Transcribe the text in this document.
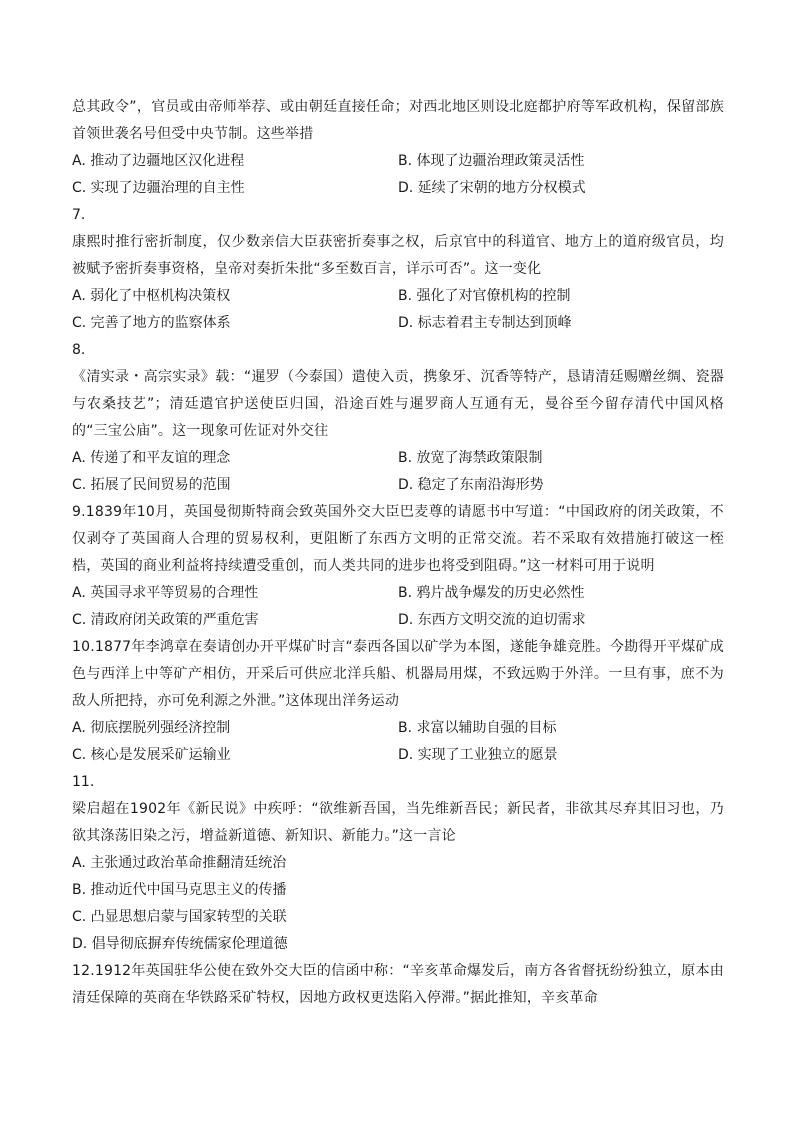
总其政令”，官员或由帝师举荐、或由朝廷直接任命；对西北地区则设北庭都护府等军政机构，保留部族首领世袭名号但受中央节制。这些举措

A. 推动了边疆地区汉化进程	B. 体现了边疆治理政策灵活性
C. 实现了边疆治理的自主性	D. 延续了宋朝的地方分权模式

7.

康熙时推行密折制度，仅少数亲信大臣获密折奏事之权，后京官中的科道官、地方上的道府级官员，均被赋予密折奏事资格，皇帝对奏折朱批“多至数百言，详示可否”。这一变化

A. 弱化了中枢机构决策权	B. 强化了对官僚机构的控制
C. 完善了地方的监察体系	D. 标志着君主专制达到顶峰

8.

《清实录・高宗实录》载：“暹罗（今泰国）遣使入贡，携象牙、沉香等特产，恳请清廷赐赠丝绸、瓷器与农桑技艺”；清廷遣官护送使臣归国，沿途百姓与暹罗商人互通有无，曼谷至今留存清代中国风格的“三宝公庙”。这一现象可佐证对外交往

A. 传递了和平友谊的理念	B. 放宽了海禁政策限制
C. 拓展了民间贸易的范围	D. 稳定了东南沿海形势

9.1839年10月，英国曼彻斯特商会致英国外交大臣巴麦尊的请愿书中写道：“中国政府的闭关政策，不仅剥夺了英国商人合理的贸易权利，更阻断了东西方文明的正常交流。若不采取有效措施打破这一桎梏，英国的商业利益将持续遭受重创，而人类共同的进步也将受到阻碍。”这一材料可用于说明

A. 英国寻求平等贸易的合理性	B. 鸦片战争爆发的历史必然性
C. 清政府闭关政策的严重危害	D. 东西方文明交流的迫切需求

10.1877年李鸿章在奏请创办开平煤矿时言“泰西各国以矿学为本图，遂能争雄竞胜。今勘得开平煤矿成色与西洋上中等矿产相仿，开采后可供应北洋兵船、机器局用煤，不致远购于外洋。一旦有事，庶不为敌人所把持，亦可免利源之外泄。”这体现出洋务运动

A. 彻底摆脱列强经济控制	B. 求富以辅助自强的目标
C. 核心是发展采矿运输业	D. 实现了工业独立的愿景

11.

梁启超在1902年《新民说》中疾呼：“欲维新吾国，当先维新吾民；新民者，非欲其尽弃其旧习也，乃欲其涤荡旧染之污，增益新道德、新知识、新能力。”这一言论

A. 主张通过政治革命推翻清廷统治
B. 推动近代中国马克思主义的传播
C. 凸显思想启蒙与国家转型的关联
D. 倡导彻底摒弃传统儒家伦理道德

12.1912年英国驻华公使在致外交大臣的信函中称：“辛亥革命爆发后，南方各省督抚纷纷独立，原本由清廷保障的英商在华铁路采矿特权，因地方政权更迭陷入停滞。”据此推知，辛亥革命
